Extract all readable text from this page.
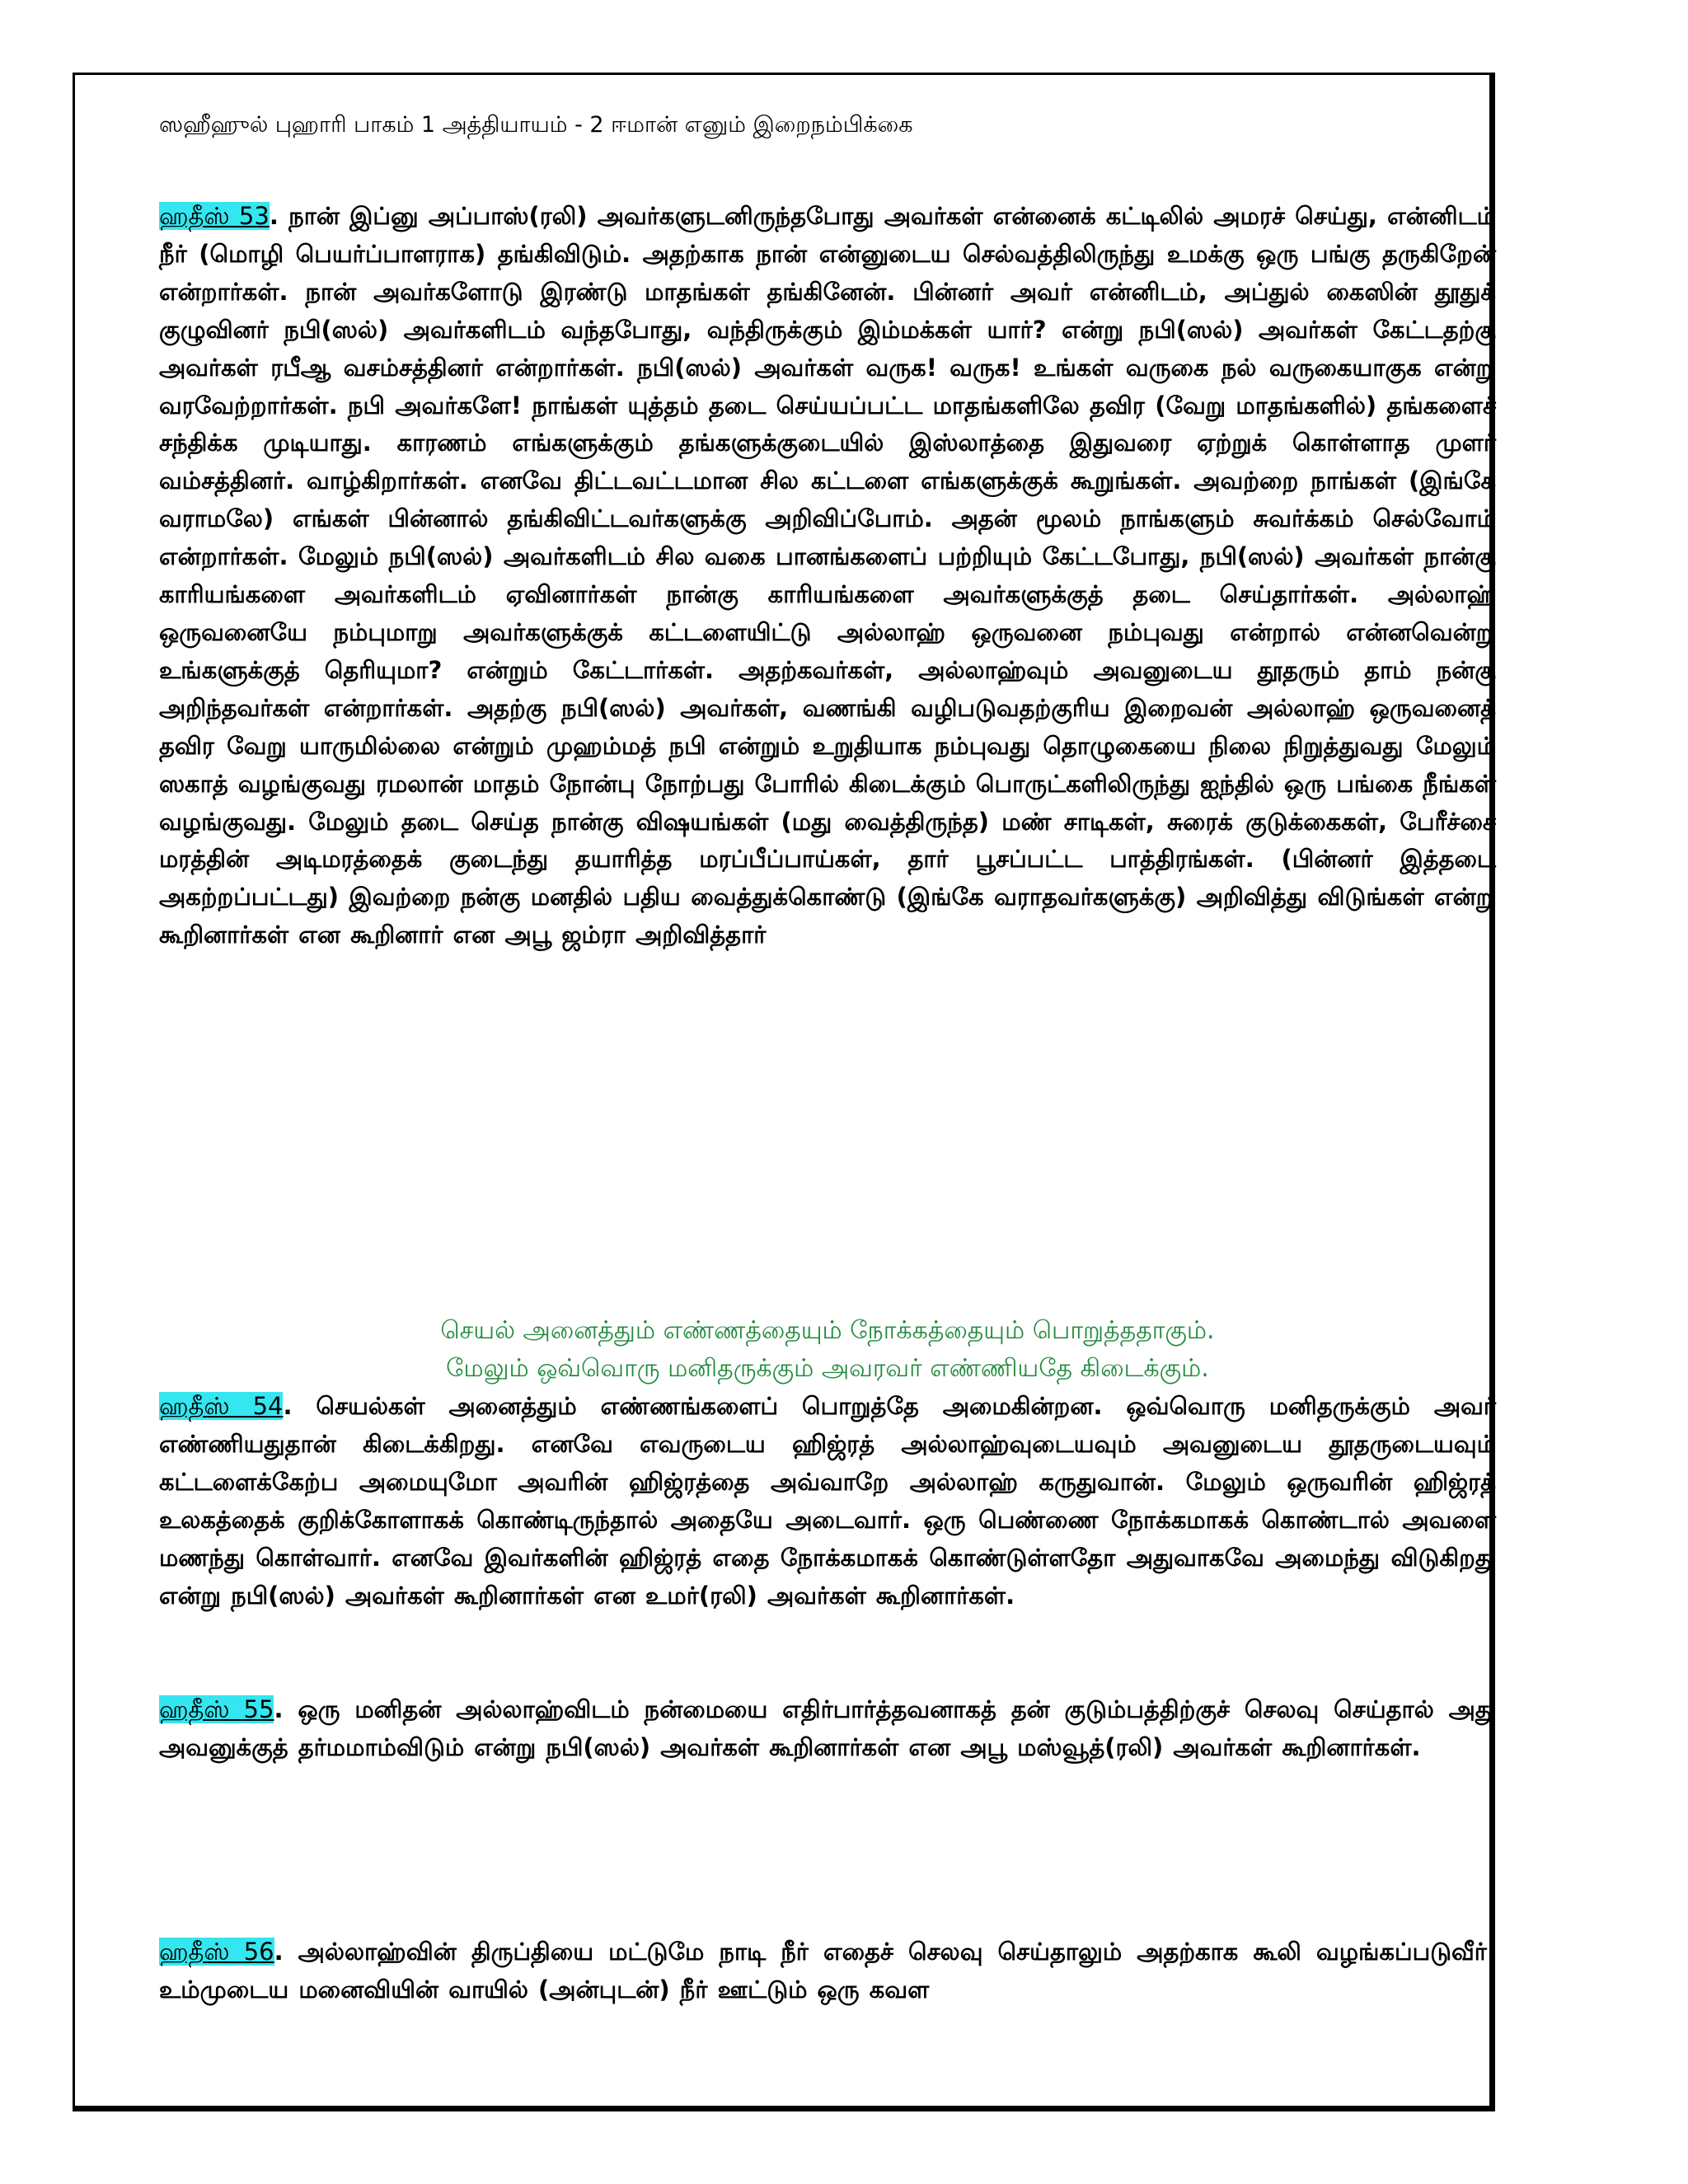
ஸஹீஹுல் புஹாரி பாகம் 1 அத்தியாயம் - 2 ஈமான் எனும் இறைநம்பிக்கை
ஹதீஸ் 53. நான் இப்னு அப்பாஸ்(ரலி) அவர்களுடனிருந்தபோது அவர்கள் என்னைக் கட்டிலில் அமரச் செய்து, என்னிடம் நீர் (மொழி பெயர்ப்பாளராக) தங்கிவிடும். அதற்காக நான் என்னுடைய செல்வத்திலிருந்து உமக்கு ஒரு பங்கு தருகிறேன் என்றார்கள். நான் அவர்களோடு இரண்டு மாதங்கள் தங்கினேன். பின்னர் அவர் என்னிடம், அப்துல் கைஸின் தூதுக் குழுவினர் நபி(ஸல்) அவர்களிடம் வந்தபோது, வந்திருக்கும் இம்மக்கள் யார்? என்று நபி(ஸல்) அவர்கள் கேட்டதற்கு அவர்கள் ரபீஆ வசம்சத்தினர் என்றார்கள். நபி(ஸல்) அவர்கள் வருக! வருக! உங்கள் வருகை நல் வருகையாகுக என்று வரவேற்றார்கள். நபி அவர்களே! நாங்கள் யுத்தம் தடை செய்யப்பட்ட மாதங்களிலே தவிர (வேறு மாதங்களில்) தங்களைச் சந்திக்க முடியாது. காரணம் எங்களுக்கும் தங்களுக்குடையில் இஸ்லாத்தை இதுவரை ஏற்றுக் கொள்ளாத முளர் வம்சத்தினர். வாழ்கிறார்கள். எனவே திட்டவட்டமான சில கட்டளை எங்களுக்குக் கூறுங்கள். அவற்றை நாங்கள் (இங்கே வராமலே) எங்கள் பின்னால் தங்கிவிட்டவர்களுக்கு அறிவிப்போம். அதன் மூலம் நாங்களும் சுவர்க்கம் செல்வோம் என்றார்கள். மேலும் நபி(ஸல்) அவர்களிடம் சில வகை பானங்களைப் பற்றியும் கேட்டபோது, நபி(ஸல்) அவர்கள் நான்கு காரியங்களை அவர்களிடம் ஏவினார்கள் நான்கு காரியங்களை அவர்களுக்குத் தடை செய்தார்கள். அல்லாஹ் ஒருவனையே நம்புமாறு அவர்களுக்குக் கட்டளையிட்டு அல்லாஹ் ஒருவனை நம்புவது என்றால் என்னவென்று உங்களுக்குத் தெரியுமா? என்றும் கேட்டார்கள். அதற்கவர்கள், அல்லாஹ்வும் அவனுடைய தூதரும் தாம் நன்கு அறிந்தவர்கள் என்றார்கள். அதற்கு நபி(ஸல்) அவர்கள், வணங்கி வழிபடுவதற்குரிய இறைவன் அல்லாஹ் ஒருவனைத் தவிர வேறு யாருமில்லை என்றும் முஹம்மத் நபி என்றும் உறுதியாக நம்புவது தொழுகையை நிலை நிறுத்துவது மேலும் ஸகாத் வழங்குவது ரமலான் மாதம் நோன்பு நோற்பது போரில் கிடைக்கும் பொருட்களிலிருந்து ஐந்தில் ஒரு பங்கை நீங்கள் வழங்குவது. மேலும் தடை செய்த நான்கு விஷயங்கள் (மது வைத்திருந்த) மண் சாடிகள், சுரைக் குடுக்கைகள், பேரீச்சை மரத்தின் அடிமரத்தைக் குடைந்து தயாரித்த மரப்பீப்பாய்கள், தார் பூசப்பட்ட பாத்திரங்கள். (பின்னர் இத்தடை அகற்றப்பட்டது) இவற்றை நன்கு மனதில் பதிய வைத்துக்கொண்டு (இங்கே வராதவர்களுக்கு) அறிவித்து விடுங்கள் என்று கூறினார்கள் என கூறினார் என அபூ ஜம்ரா அறிவித்தார்
செயல் அனைத்தும் எண்ணத்தையும் நோக்கத்தையும் பொறுத்ததாகும்.
மேலும் ஒவ்வொரு மனிதருக்கும் அவரவர் எண்ணியதே கிடைக்கும்.
ஹதீஸ் 54. செயல்கள் அனைத்தும் எண்ணங்களைப் பொறுத்தே அமைகின்றன. ஒவ்வொரு மனிதருக்கும் அவர் எண்ணியதுதான் கிடைக்கிறது. எனவே எவருடைய ஹிஜ்ரத் அல்லாஹ்வுடையவும் அவனுடைய தூதருடையவும் கட்டளைக்கேற்ப அமையுமோ அவரின் ஹிஜ்ரத்தை அவ்வாறே அல்லாஹ் கருதுவான். மேலும் ஒருவரின் ஹிஜ்ரத் உலகத்தைக் குறிக்கோளாகக் கொண்டிருந்தால் அதையே அடைவார். ஒரு பெண்ணை நோக்கமாகக் கொண்டால் அவளை மணந்து கொள்வார். எனவே இவர்களின் ஹிஜ்ரத் எதை நோக்கமாகக் கொண்டுள்ளதோ அதுவாகவே அமைந்து விடுகிறது என்று நபி(ஸல்) அவர்கள் கூறினார்கள் என உமர்(ரலி) அவர்கள் கூறினார்கள்.
ஹதீஸ் 55. ஒரு மனிதன் அல்லாஹ்விடம் நன்மையை எதிர்பார்த்தவனாகத் தன் குடும்பத்திற்குச் செலவு செய்தால் அது அவனுக்குத் தர்மமாம்விடும் என்று நபி(ஸல்) அவர்கள் கூறினார்கள் என அபூ மஸ்வூத்(ரலி) அவர்கள் கூறினார்கள்.
ஹதீஸ் 56. அல்லாஹ்வின் திருப்தியை மட்டுமே நாடி நீர் எதைச் செலவு செய்தாலும் அதற்காக கூலி வழங்கப்படுவீர். உம்முடைய மனைவியின் வாயில் (அன்புடன்) நீர் ஊட்டும் ஒரு கவள
